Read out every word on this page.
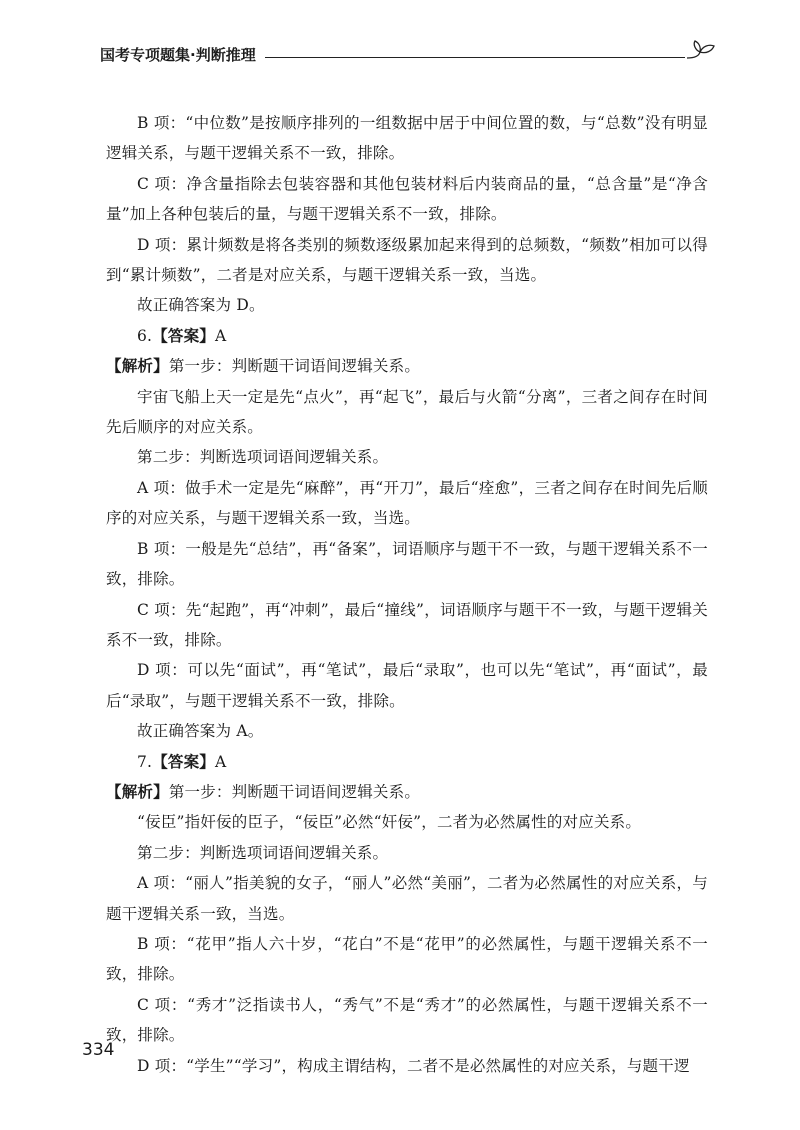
国考专项题集·判断推理

B 项：“中位数”是按顺序排列的一组数据中居于中间位置的数，与“总数”没有明显逻辑关系，与题干逻辑关系不一致，排除。

C 项：净含量指除去包装容器和其他包装材料后内装商品的量，“总含量”是“净含量”加上各种包装后的量，与题干逻辑关系不一致，排除。

D 项：累计频数是将各类别的频数逐级累加起来得到的总频数，“频数”相加可以得到“累计频数”，二者是对应关系，与题干逻辑关系一致，当选。

故正确答案为 D。

6.【答案】A

【解析】第一步：判断题干词语间逻辑关系。

宇宙飞船上天一定是先“点火”，再“起飞”，最后与火箭“分离”，三者之间存在时间先后顺序的对应关系。

第二步：判断选项词语间逻辑关系。

A 项：做手术一定是先“麻醉”，再“开刀”，最后“痊愈”，三者之间存在时间先后顺序的对应关系，与题干逻辑关系一致，当选。

B 项：一般是先“总结”，再“备案”，词语顺序与题干不一致，与题干逻辑关系不一致，排除。

C 项：先“起跑”，再“冲刺”，最后“撞线”，词语顺序与题干不一致，与题干逻辑关系不一致，排除。

D 项：可以先“面试”，再“笔试”，最后“录取”，也可以先“笔试”，再“面试”，最后“录取”，与题干逻辑关系不一致，排除。

故正确答案为 A。

7.【答案】A

【解析】第一步：判断题干词语间逻辑关系。

“佞臣”指奸佞的臣子，“佞臣”必然“奸佞”，二者为必然属性的对应关系。

第二步：判断选项词语间逻辑关系。

A 项：“丽人”指美貌的女子，“丽人”必然“美丽”，二者为必然属性的对应关系，与题干逻辑关系一致，当选。

B 项：“花甲”指人六十岁，“花白”不是“花甲”的必然属性，与题干逻辑关系不一致，排除。

C 项：“秀才”泛指读书人，“秀气”不是“秀才”的必然属性，与题干逻辑关系不一致，排除。

D 项：“学生”“学习”，构成主谓结构，二者不是必然属性的对应关系，与题干逻

334
